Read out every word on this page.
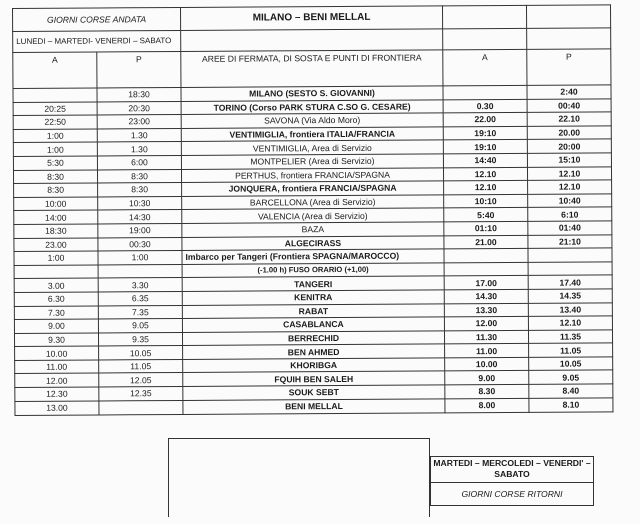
GIORNI CORSE ANDATA		MILANO – BENI MELLAL		
LUNEDI – MARTEDI- VENERDI – SABATO				
A	P	AREE DI FERMATA, DI SOSTA E PUNTI DI FRONTIERA	A	P
	18:30	MILANO (SESTO S. GIOVANNI)		2:40
20:25	20:30	TORINO (Corso PARK STURA C.SO G. CESARE)	0.30	00:40
22:50	23:00	SAVONA (Via Aldo Moro)	22.00	22.10
1:00	1.30	VENTIMIGLIA, frontiera ITALIA/FRANCIA	19:10	20.00
1:00	1.30	VENTIMIGLIA, Area di Servizio	19:10	20:00
5:30	6:00	MONTPELIER (Area di Servizio)	14:40	15:10
8:30	8:30	PERTHUS, frontiera FRANCIA/SPAGNA	12.10	12.10
8:30	8:30	JONQUERA, frontiera FRANCIA/SPAGNA	12.10	12.10
10:00	10:30	BARCELLONA (Area di Servizio)	10:10	10:40
14:00	14:30	VALENCIA (Area di Servizio)	5:40	6:10
18:30	19:00	BAZA	01:10	01:40
23.00	00:30	ALGECIRASS	21.00	21:10
1:00	1:00	Imbarco per Tangeri (Frontiera SPAGNA/MAROCCO)		
		(-1.00 h) FUSO ORARIO (+1,00)		
3.00	3.30	TANGERI	17.00	17.40
6.30	6.35	KENITRA	14.30	14.35
7.30	7.35	RABAT	13.30	13.40
9.00	9.05	CASABLANCA	12.00	12.10
9.30	9.35	BERRECHID	11.30	11.35
10.00	10.05	BEN AHMED	11.00	11.05
11.00	11.05	KHORIBGA	10.00	10.05
12.00	12.05	FQUIH BEN SALEH	9.00	9.05
12.30	12.35	SOUK SEBT	8.30	8.40
13.00		BENI MELLAL	8.00	8.10
MARTEDI – MERCOLEDI – VENERDI' – SABATO
GIORNI CORSE RITORNI
